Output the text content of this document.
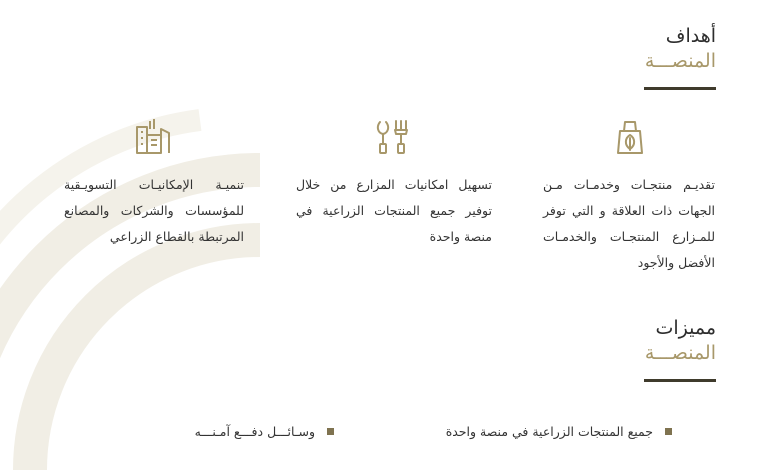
أهداف
المنصـــة
تقديـم منتجـات وخدمـات مـن الجهات ذات العلاقة و التي توفر للمـزارع المنتجـات والخدمـات الأفضل والأجود
تسهيل امكانيات المزارع من خلال توفير جميع المنتجات الزراعية في منصة واحدة
تنميـة الإمكانيـات التسويـقية للمؤسسات والشركات والمصانع المرتبطة بالقطاع الزراعي
مميزات
المنصـــة
جميع المنتجات الزراعية في منصة واحدة
وسـائـــل دفـــع آمـنـــه
